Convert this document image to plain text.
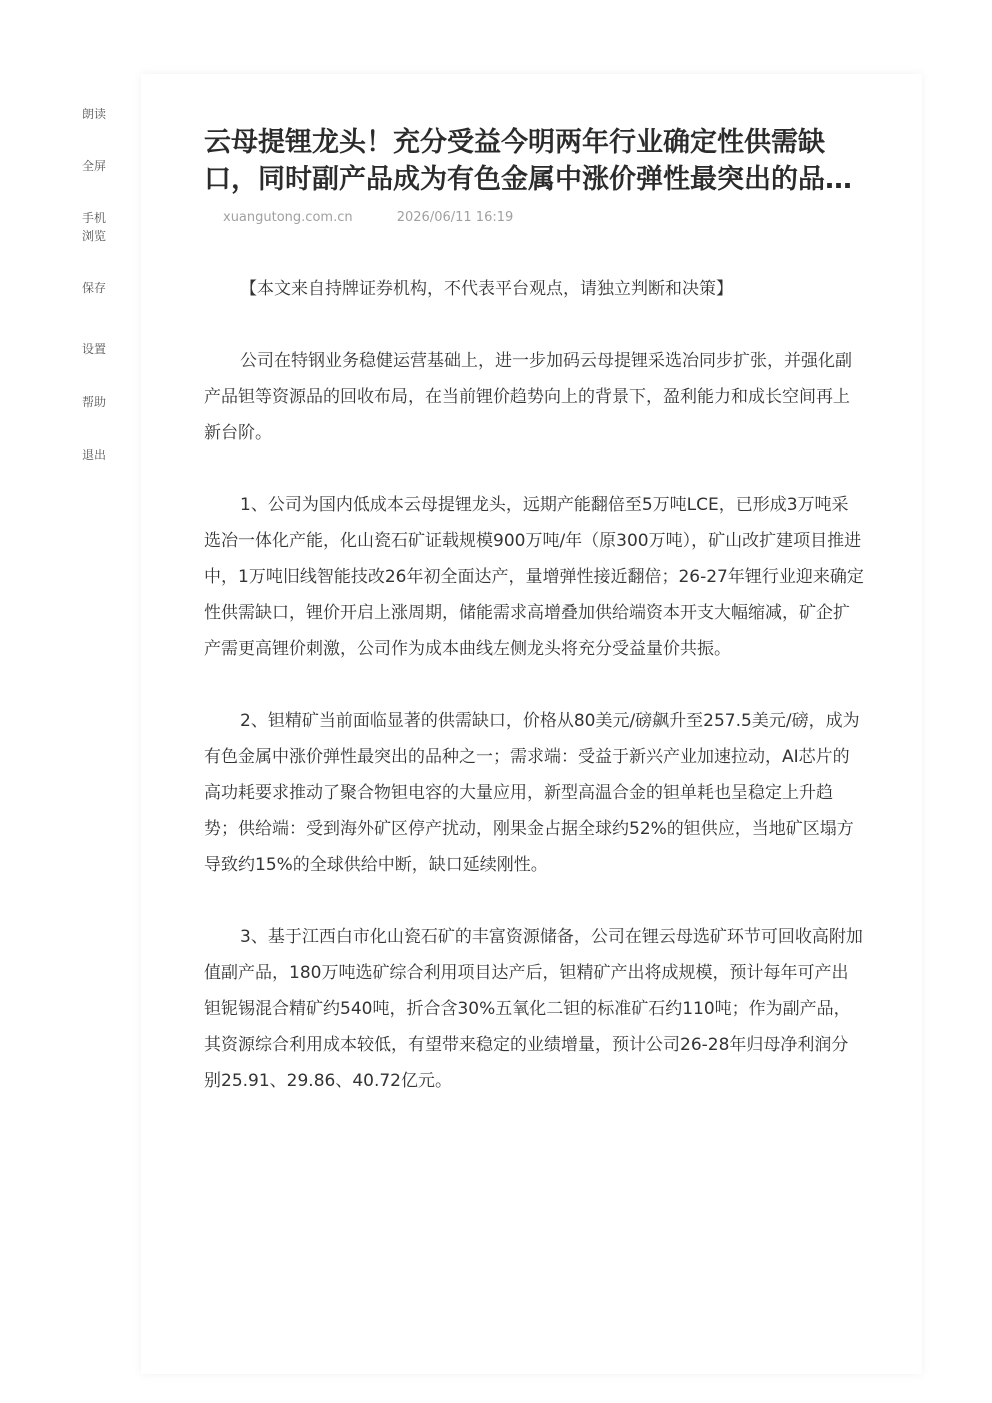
朗读
全屏
手机
浏览
保存
设置
帮助
退出
云母提锂龙头！充分受益今明两年行业确定性供需缺口，同时副产品成为有色金属中涨价弹性最突出的品种
xuangutong.com.cn	2026/06/11 16:19

【本文来自持牌证券机构，不代表平台观点，请独立判断和决策】

公司在特钢业务稳健运营基础上，进一步加码云母提锂采选冶同步扩张，并强化副产品钽等资源品的回收布局，在当前锂价趋势向上的背景下，盈利能力和成长空间再上新台阶。

1、公司为国内低成本云母提锂龙头，远期产能翻倍至5万吨LCE，已形成3万吨采选冶一体化产能，化山瓷石矿证载规模900万吨/年（原300万吨），矿山改扩建项目推进中，1万吨旧线智能技改26年初全面达产，量增弹性接近翻倍；26-27年锂行业迎来确定性供需缺口，锂价开启上涨周期，储能需求高增叠加供给端资本开支大幅缩减，矿企扩产需更高锂价刺激，公司作为成本曲线左侧龙头将充分受益量价共振。

2、钽精矿当前面临显著的供需缺口，价格从80美元/磅飙升至257.5美元/磅，成为有色金属中涨价弹性最突出的品种之一；需求端：受益于新兴产业加速拉动，AI芯片的高功耗要求推动了聚合物钽电容的大量应用，新型高温合金的钽单耗也呈稳定上升趋势；供给端：受到海外矿区停产扰动，刚果金占据全球约52%的钽供应，当地矿区塌方导致约15%的全球供给中断，缺口延续刚性。

3、基于江西白市化山瓷石矿的丰富资源储备，公司在锂云母选矿环节可回收高附加值副产品，180万吨选矿综合利用项目达产后，钽精矿产出将成规模，预计每年可产出钽铌锡混合精矿约540吨，折合含30%五氧化二钽的标准矿石约110吨；作为副产品，其资源综合利用成本较低，有望带来稳定的业绩增量，预计公司26-28年归母净利润分别25.91、29.86、40.72亿元。
